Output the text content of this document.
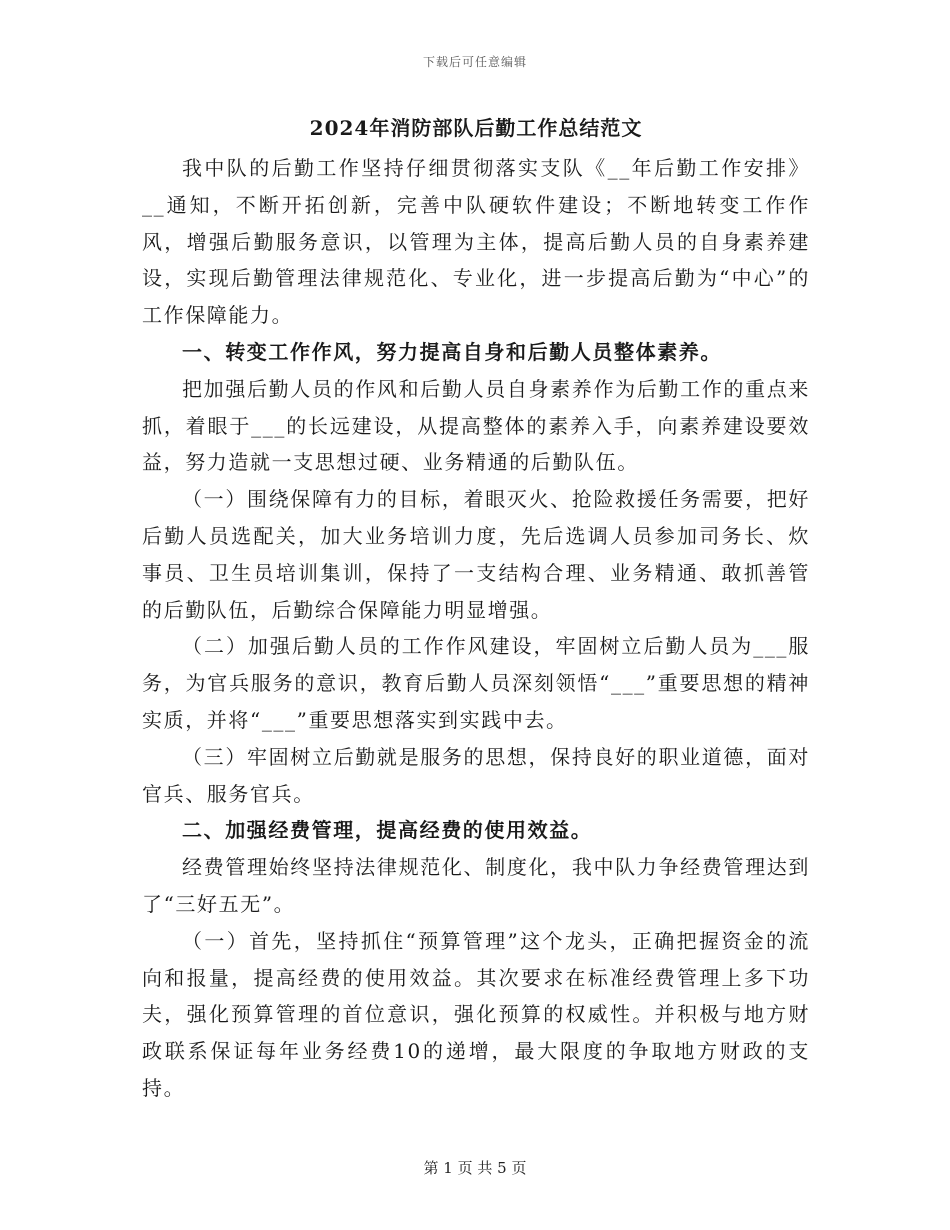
下载后可任意编辑
2024年消防部队后勤工作总结范文

我中队的后勤工作坚持仔细贯彻落实支队《__年后勤工作安排》__通知，不断开拓创新，完善中队硬软件建设；不断地转变工作作风，增强后勤服务意识，以管理为主体，提高后勤人员的自身素养建设，实现后勤管理法律规范化、专业化，进一步提高后勤为“中心”的工作保障能力。

一、转变工作作风，努力提高自身和后勤人员整体素养。

把加强后勤人员的作风和后勤人员自身素养作为后勤工作的重点来抓，着眼于___的长远建设，从提高整体的素养入手，向素养建设要效益，努力造就一支思想过硬、业务精通的后勤队伍。

（一）围绕保障有力的目标，着眼灭火、抢险救援任务需要，把好后勤人员选配关，加大业务培训力度，先后选调人员参加司务长、炊事员、卫生员培训集训，保持了一支结构合理、业务精通、敢抓善管的后勤队伍，后勤综合保障能力明显增强。

（二）加强后勤人员的工作作风建设，牢固树立后勤人员为___服务，为官兵服务的意识，教育后勤人员深刻领悟“___”重要思想的精神实质，并将“___”重要思想落实到实践中去。

（三）牢固树立后勤就是服务的思想，保持良好的职业道德，面对官兵、服务官兵。

二、加强经费管理，提高经费的使用效益。

经费管理始终坚持法律规范化、制度化，我中队力争经费管理达到了“三好五无”。

（一）首先，坚持抓住“预算管理”这个龙头，正确把握资金的流向和报量，提高经费的使用效益。其次要求在标准经费管理上多下功夫，强化预算管理的首位意识，强化预算的权威性。并积极与地方财政联系保证每年业务经费10的递增，最大限度的争取地方财政的支持。

第 1 页 共 5 页
